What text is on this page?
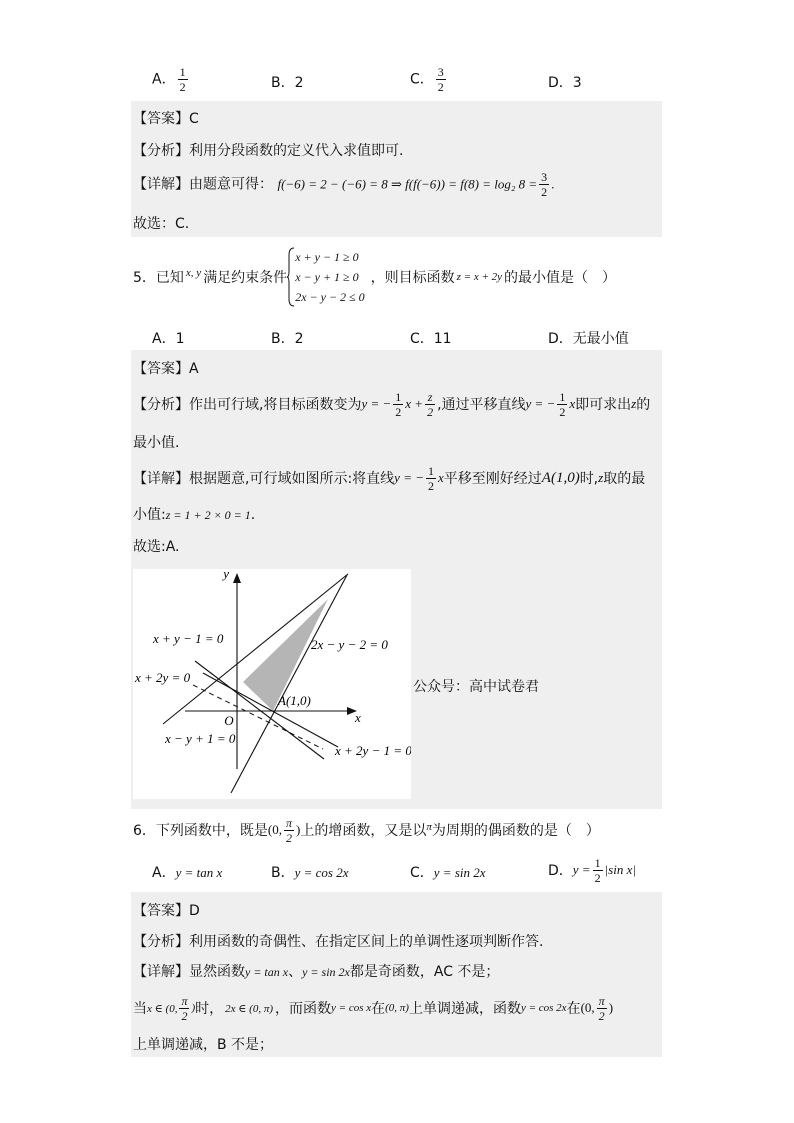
A． $\frac{1}{2}$	B．2	C． $\frac{3}{2}$	D．3
【答案】C
【分析】利用分段函数的定义代入求值即可.
【详解】由题意可得： f(−6) = 2 − (−6) = 8 ⇒ f(f(−6)) = f(8) = log₂ $8 = \frac{3}{2}$ .
故选：C.
5．已知 x, y 满足约束条件
x + y − 1 ≥ 0
x − y + 1 ≥ 0
2x − y − 2 ≤ 0
，则目标函数 z = x + 2y 的最小值是（　）
A．1	B．2	C．11	D．无最小值
【答案】A
【分析】 作出可行域,将目标函数变为 y = − $\frac{1}{2}$ $x + \frac{z}{2}$ ,通过平移直线 y = − $\frac{1}{2}$ x 即可求出 z 的
最小值.
【详解】 根据题意,可行域如图所示:将直线 y = − $\frac{1}{2}$ x 平移至刚好经过 A(1,0) 时, z 取的最
小值:z = 1 + 2 × 0 = 1.
故选:A.
y
x
O
A(1,0)
x + y − 1 = 0	2x − y − 2 = 0
x + 2y = 0
x − y + 1 = 0
x + 2y − 1 = 0
公众号：高中试卷君
6．下列函数中，既是 (0, $\frac{\pi}{2}$ ) 上的增函数，又是以 π 为周期的偶函数的是（　）
A．y = tan x	B．y = cos 2x	C．y = sin 2x	D． $y = \frac{1}{2} |\sin$ x|
【答案】D
【分析】利用函数的奇偶性、在指定区间上的单调性逐项判断作答.
【详解】显然函数y = tan x、y = sin 2x都是奇函数，AC 不是；
当 x ∈ (0, $\frac{\pi}{2}$ ) 时， 2x ∈ (0, π) ，而函数 y = cos x 在 (0, π) 上单调递减，函数 y = cos 2x 在 (0, $\frac{\pi}{2}$ )
上单调递减，B 不是；
